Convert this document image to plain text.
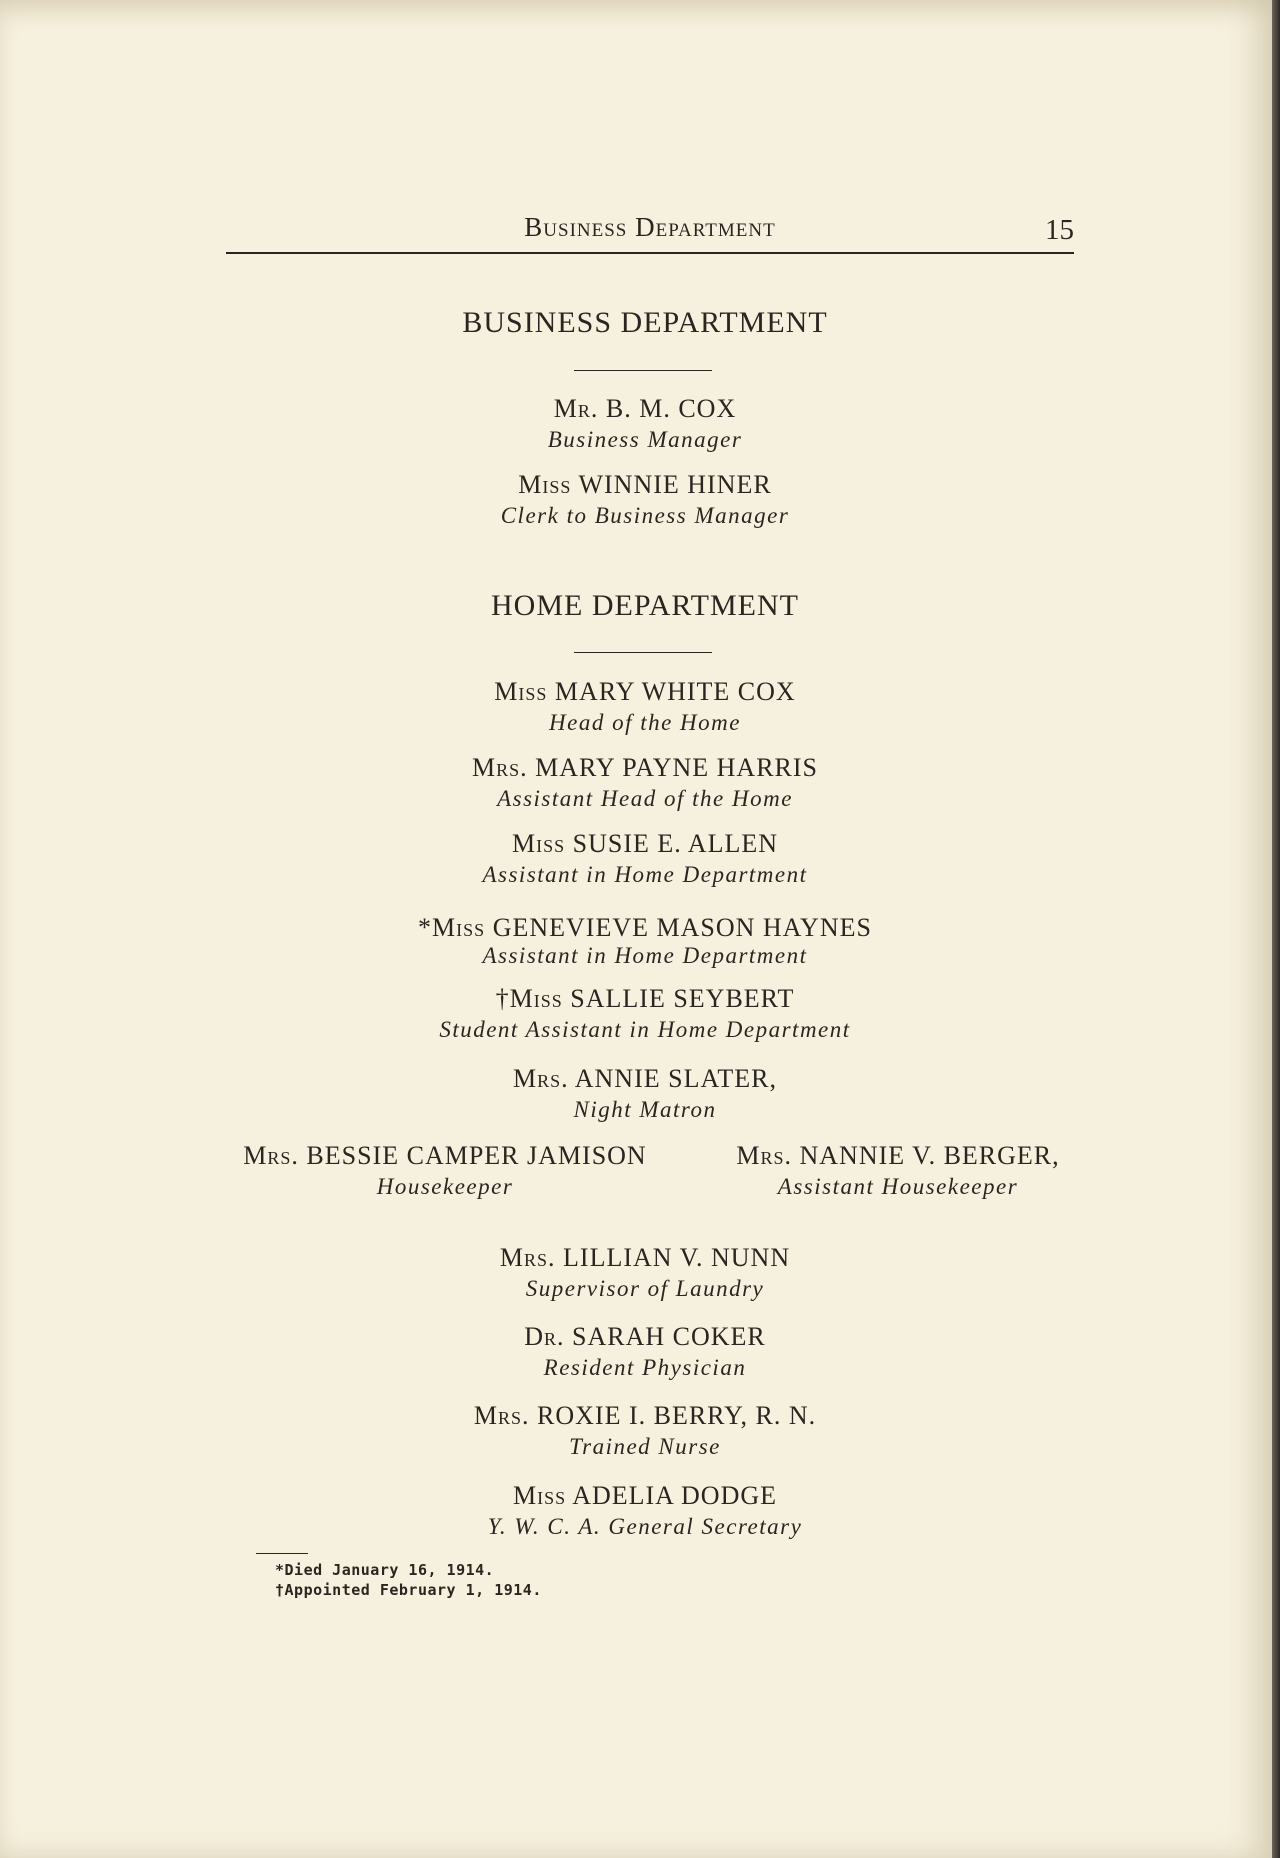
Business Department	15
BUSINESS DEPARTMENT
Mr. B. M. COX
Business Manager
Miss WINNIE HINER
Clerk to Business Manager
HOME DEPARTMENT
Miss MARY WHITE COX
Head of the Home
Mrs. MARY PAYNE HARRIS
Assistant Head of the Home
Miss SUSIE E. ALLEN
Assistant in Home Department
*Miss GENEVIEVE MASON HAYNES
Assistant in Home Department
†Miss SALLIE SEYBERT
Student Assistant in Home Department
Mrs. ANNIE SLATER,
Night Matron
Mrs. BESSIE CAMPER JAMISON
Housekeeper
Mrs. NANNIE V. BERGER,
Assistant Housekeeper
Mrs. LILLIAN V. NUNN
Supervisor of Laundry
Dr. SARAH COKER
Resident Physician
Mrs. ROXIE I. BERRY, R. N.
Trained Nurse
Miss ADELIA DODGE
Y. W. C. A. General Secretary
*Died January 16, 1914.
†Appointed February 1, 1914.
